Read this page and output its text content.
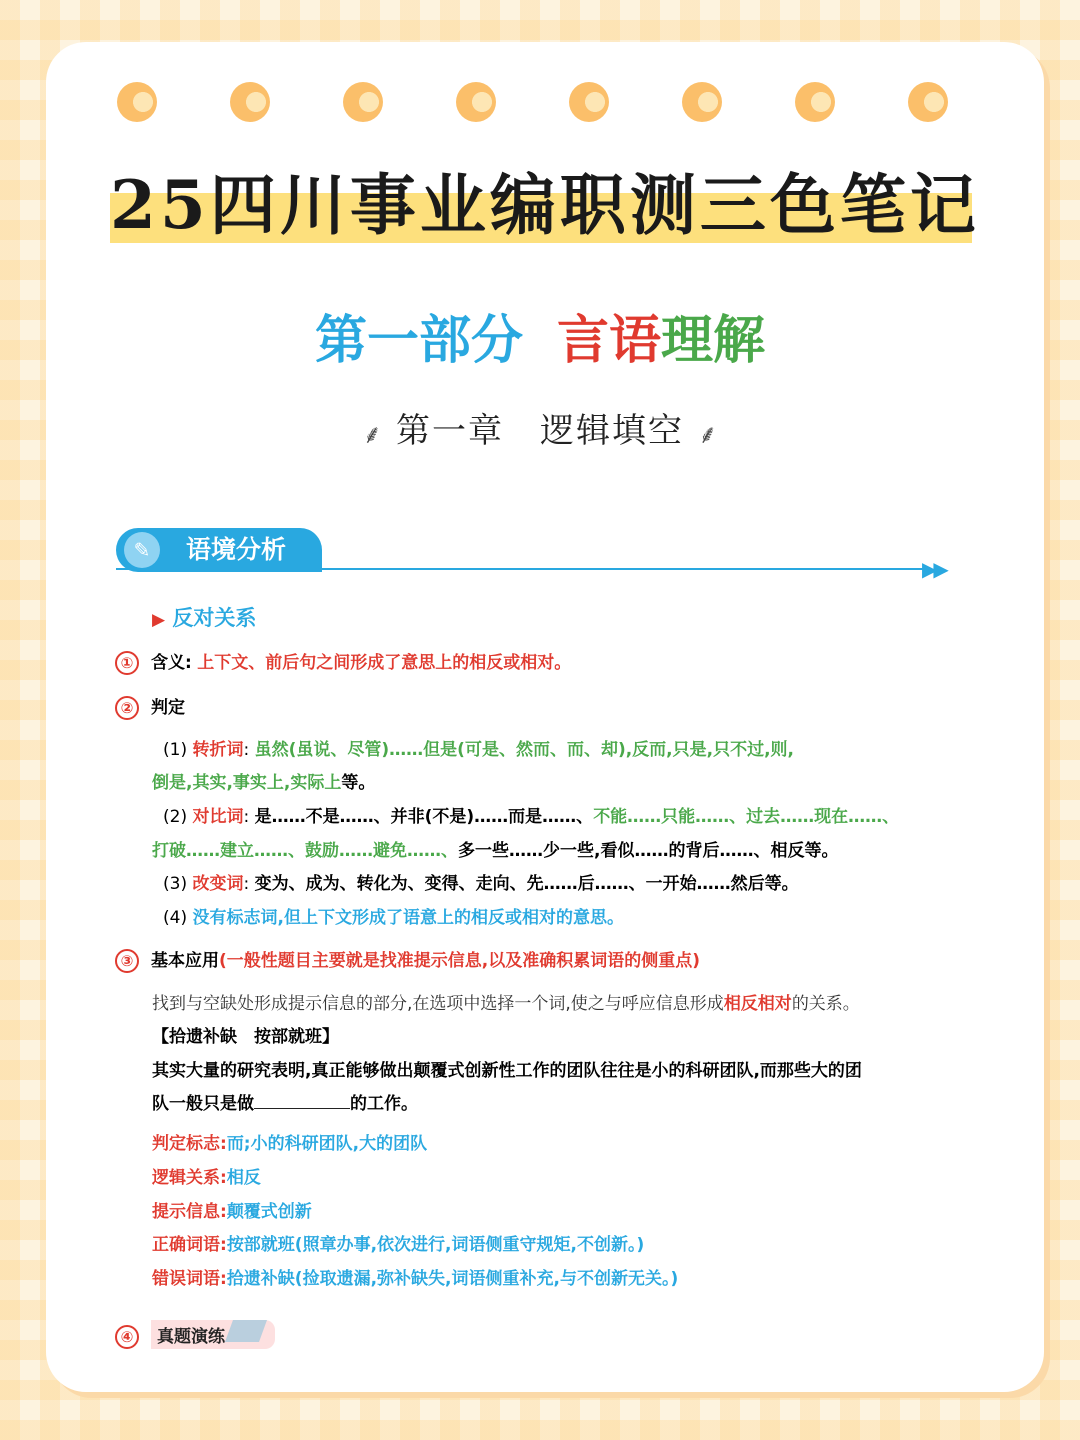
25四川事业编职测三色笔记
第一部分 言语理解
⸙ 第一章　逻辑填空 ⸙
✎	语境分析
▶▶
▶ 反对关系
① 含义: 上下文、前后句之间形成了意思上的相反或相对。
② 判定
(1) 转折词: 虽然(虽说、尽管)……但是(可是、然而、而、却),反而,只是,只不过,则,
倒是,其实,事实上,实际上等。
(2) 对比词: 是……不是……、并非(不是)……而是……、不能……只能……、过去……现在……、
打破……建立……、鼓励……避免……、多一些……少一些,看似……的背后……、相反等。
(3) 改变词: 变为、成为、转化为、变得、走向、先……后……、一开始……然后等。
(4) 没有标志词,但上下文形成了语意上的相反或相对的意思。
③ 基本应用(一般性题目主要就是找准提示信息,以及准确积累词语的侧重点)
找到与空缺处形成提示信息的部分,在选项中选择一个词,使之与呼应信息形成相反相对的关系。
【拾遗补缺　按部就班】
其实大量的研究表明,真正能够做出颠覆式创新性工作的团队往往是小的科研团队,而那些大的团
队一般只是做	的工作。
判定标志:而;小的科研团队,大的团队
逻辑关系:相反
提示信息:颠覆式创新
正确词语:按部就班(照章办事,依次进行,词语侧重守规矩,不创新。)
错误词语:拾遗补缺(捡取遗漏,弥补缺失,词语侧重补充,与不创新无关。)
④ 真题演练
